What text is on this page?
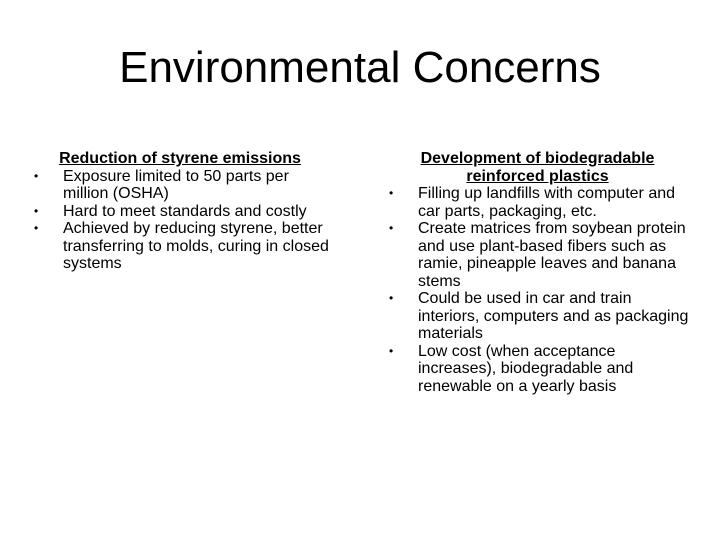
Environmental Concerns
Reduction of styrene emissions
• Exposure limited to 50 parts per million (OSHA)
• Hard to meet standards and costly
• Achieved by reducing styrene, better transferring to molds, curing in closed systems
Development of biodegradable reinforced plastics
• Filling up landfills with computer and car parts, packaging, etc.
• Create matrices from soybean protein and use plant-based fibers such as ramie, pineapple leaves and banana stems
• Could be used in car and train interiors, computers and as packaging materials
• Low cost (when acceptance increases), biodegradable and renewable on a yearly basis
